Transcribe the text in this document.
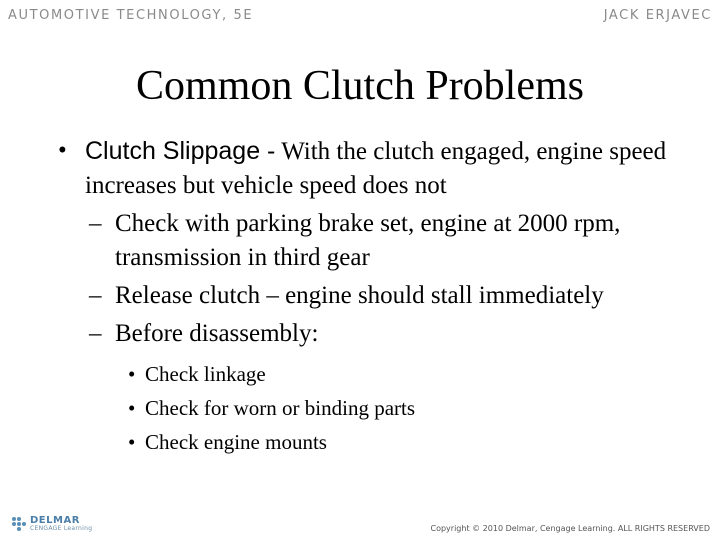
AUTOMOTIVE TECHNOLOGY, 5E	JACK ERJAVEC
Common Clutch Problems
• Clutch Slippage - With the clutch engaged, engine speed increases but vehicle speed does not
– Check with parking brake set, engine at 2000 rpm, transmission in third gear
– Release clutch – engine should stall immediately
– Before disassembly:
• Check linkage
• Check for worn or binding parts
• Check engine mounts
DELMAR
CENGAGE Learning	Copyright © 2010 Delmar, Cengage Learning. ALL RIGHTS RESERVED
